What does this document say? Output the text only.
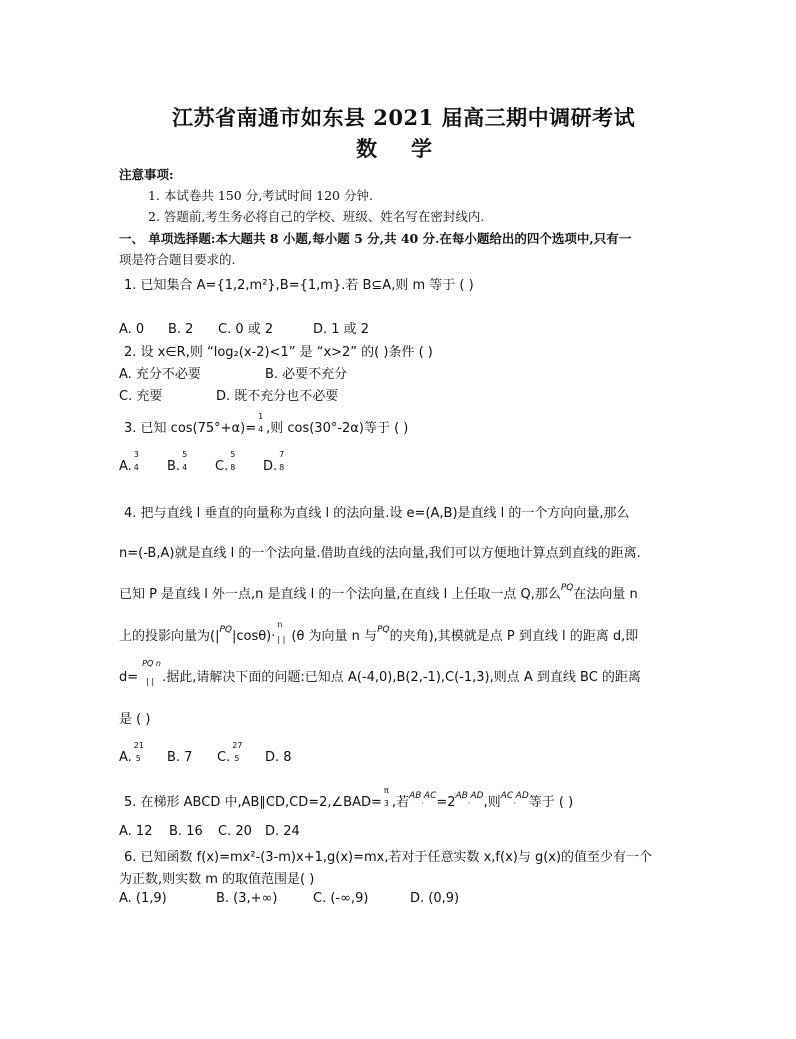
江苏省南通市如东县 2021 届高三期中调研考试
数学
注意事项:
1. 本试卷共 150 分,考试时间 120 分钟.
2. 答题前,考生务必将自己的学校、班级、姓名写在密封线内.
一、 单项选择题:本大题共 8 小题,每小题 5 分,共 40 分.在每小题给出的四个选项中,只有一
项是符合题目要求的.
1. 已知集合 A={1,2,m²},B={1,m}.若 B⊆A,则 m 等于 ( )
A. 0 B. 2 C. 0 或 2	D. 1 或 2
2. 设 x∈R,则 “log₂(x-2)<1” 是 “x>2” 的( )条件 ( )
A. 充分不必要	B. 必要不充分
C. 充要	D. 既不充分也不必要
3. 已知 cos(75°+α)=
1
4 ,则 cos(30°-2α)等于 ( )
A.
3
4 B.
5
4 C.
5
8 D.
7
8
4. 把与直线 l 垂直的向量称为直线 l 的法向量.设 e=(A,B)是直线 l 的一个方向向量,那么
n=(-B,A)就是直线 l 的一个法向量.借助直线的法向量,我们可以方便地计算点到直线的距离.
已知 P 是直线 l 外一点,n 是直线 l 的一个法向量,在直线 l 上任取一点 Q,那么$^{PQ}$在法向量 n
上的投影向量为$(|^{PQ}|\cos\theta)\cdot$
n
| | (θ 为向量 n 与$^{PQ}$的夹角),其模就是点 P 到直线 l 的距离 d,即
d=
PQ n
| | .据此,请解决下面的问题:已知点 A(-4,0),B(2,-1),C(-1,3),则点 A 到直线 BC 的距离
是 ( )
A.
21
5 B. 7 C.
27
5 D. 8
5. 在梯形 ABCD 中,AB∥CD,CD=2,∠BAD=
π
3 ,若$^{AB}\cdot^{AC}=2^{AB}\cdot^{AD}$,则$^{AC}$·$^{AD}$等于 ( )
A. 12 B. 16 C. 20 D. 24
6. 已知函数 f(x)=mx²-(3-m)x+1,g(x)=mx,若对于任意实数 x,f(x)与 g(x)的值至少有一个
为正数,则实数 m 的取值范围是( )
A. (1,9)	B. (3,+∞)	C. (-∞,9)	D. (0,9)
